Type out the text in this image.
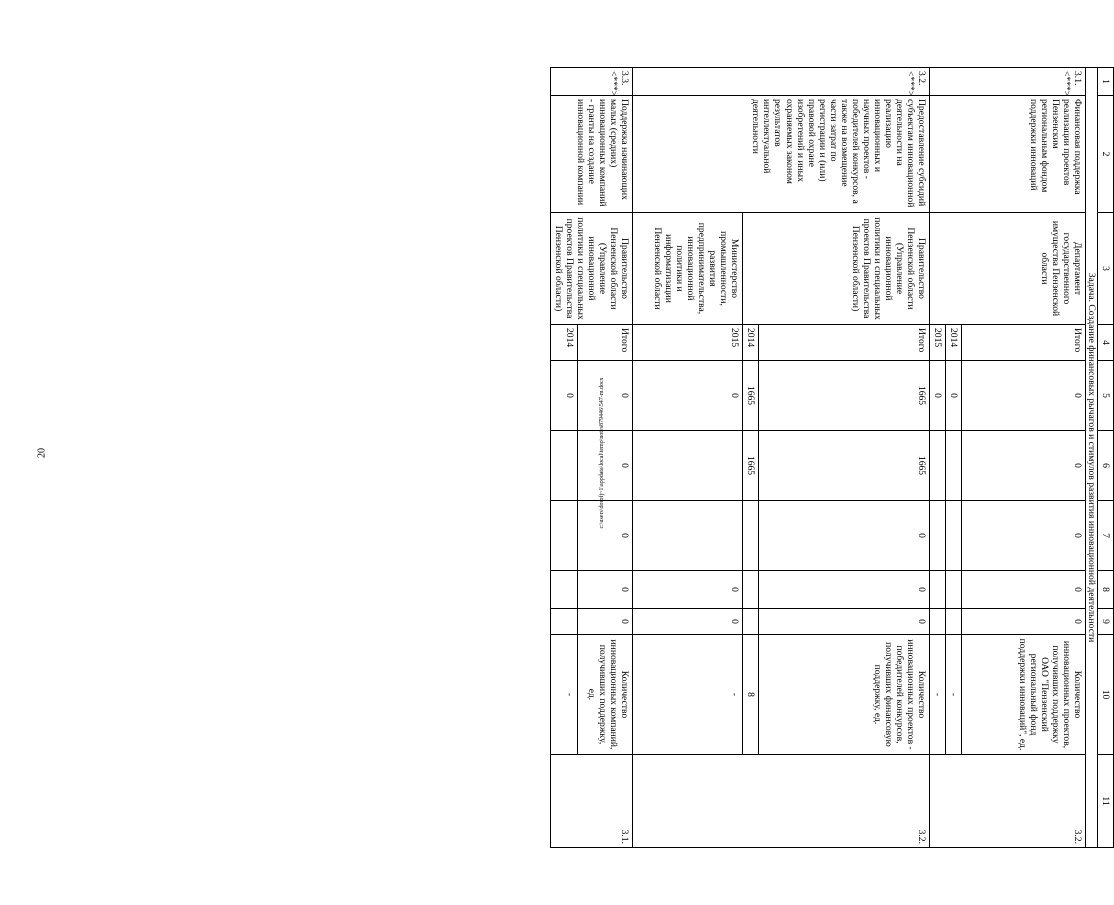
20
1	2	3	4	5	6	7	8	9	10	11
Задача. Создание финансовых рычагов и стимулов развития инновационной деятельности										
3.1. <***>	Финансовая поддержка реализации проектов Пензенским региональным фондом поддержки инноваций	Департамент государственного имущества Пензенской области	Итого	0	0	0	0	0	Количество инновационных проектов, получивших поддержку ОАО "Пензенский региональный фонд поддержки инноваций", ед.	3.2.
			2014	0					-	
			2015	0					-	
3.2. <***>	Предоставление субсидий субъектам инновационной деятельности на реализацию инновационных и научных проектов - победителей конкурсов, а также на возмещение части затрат по регистрации и (или) правовой охране изобретений и иных охраняемых законом результатов интеллектуальной деятельности	Правительство Пензенской области (Управление инновационной политики и специальных проектов Правительства Пензенской области)	Итого	1665	1665	0	0	0	Количество инновационных проектов - победителей конкурсов, получивших финансовую поддержку, ед.	3.2.
			2014	1665	1665				8	
		Министерство промышленности, развития предпринимательства, инновационной политики и информатизации Пензенской области	2015	0			0	0	-	
3.3. <***>	Поддержка начинающих малых (средних) инновационных компаний - гранты на создание инновационной компании	Правительство Пензенской области (Управление инновационной политики и специальных проектов Правительства Пензенской области)	Итого	0	0	0	0	0	Количество инновационных компаний, получивших поддержку, ед.	3.1.
			2014	0					-	
c:\users\dorofj~1\appdata\local\temp\notes879446\547-m.docx
